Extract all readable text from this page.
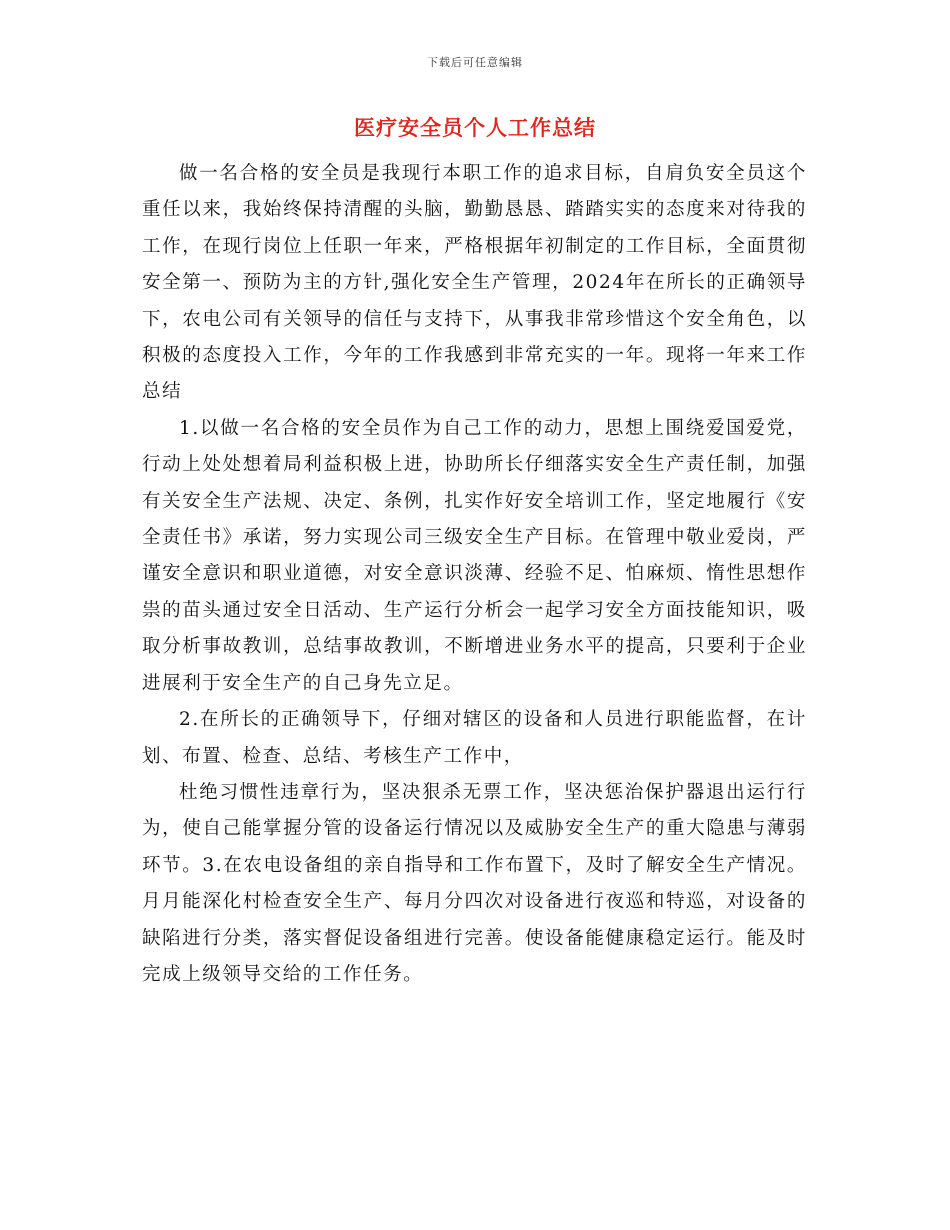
下载后可任意编辑
医疗安全员个人工作总结

做一名合格的安全员是我现行本职工作的追求目标，自肩负安全员这个重任以来，我始终保持清醒的头脑，勤勤恳恳、踏踏实实的态度来对待我的工作，在现行岗位上任职一年来，严格根据年初制定的工作目标，全面贯彻安全第一、预防为主的方针,强化安全生产管理，2024年在所长的正确领导下，农电公司有关领导的信任与支持下，从事我非常珍惜这个安全角色，以积极的态度投入工作，今年的工作我感到非常充实的一年。现将一年来工作总结

1.以做一名合格的安全员作为自己工作的动力，思想上围绕爱国爱党，行动上处处想着局利益积极上进，协助所长仔细落实安全生产责任制，加强有关安全生产法规、决定、条例，扎实作好安全培训工作，坚定地履行《安全责任书》承诺，努力实现公司三级安全生产目标。在管理中敬业爱岗，严谨安全意识和职业道德，对安全意识淡薄、经验不足、怕麻烦、惰性思想作祟的苗头通过安全日活动、生产运行分析会一起学习安全方面技能知识，吸取分析事故教训，总结事故教训，不断增进业务水平的提高，只要利于企业进展利于安全生产的自己身先立足。

2.在所长的正确领导下，仔细对辖区的设备和人员进行职能监督，在计划、布置、检查、总结、考核生产工作中，

杜绝习惯性违章行为，坚决狠杀无票工作，坚决惩治保护器退出运行行为，使自己能掌握分管的设备运行情况以及威胁安全生产的重大隐患与薄弱环节。3.在农电设备组的亲自指导和工作布置下，及时了解安全生产情况。月月能深化村检查安全生产、每月分四次对设备进行夜巡和特巡，对设备的缺陷进行分类，落实督促设备组进行完善。使设备能健康稳定运行。能及时完成上级领导交给的工作任务。
